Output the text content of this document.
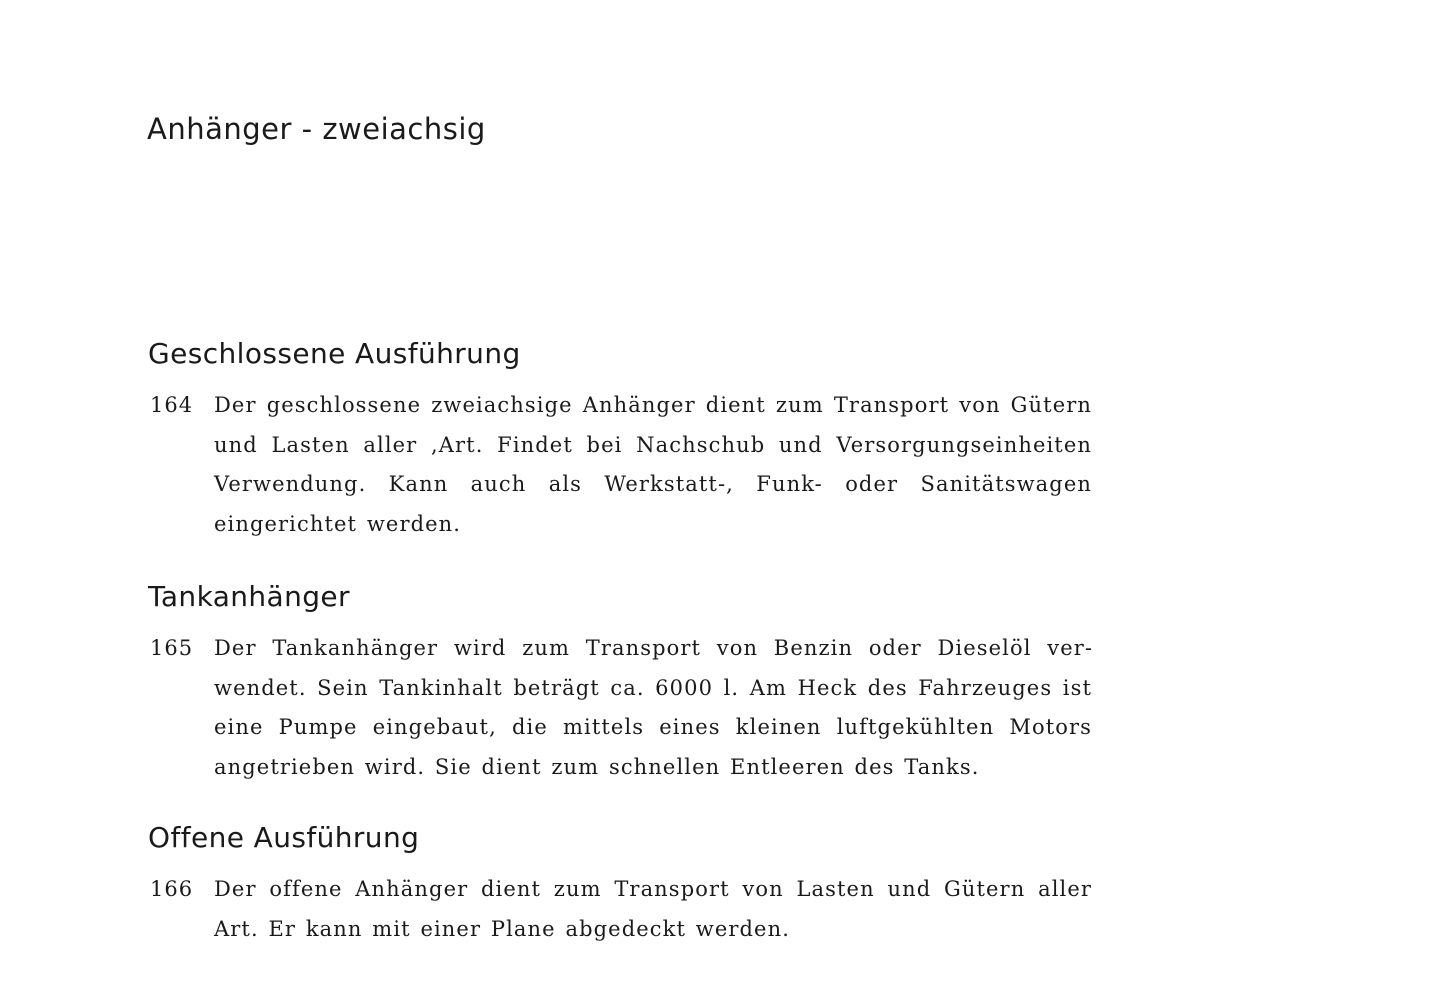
Anhänger - zweiachsig
Geschlossene Ausführung
164 Der geschlossene zweiachsige Anhänger dient zum Transport von Gütern und Lasten aller ,Art. Findet bei Nachschub und Versorgungseinheiten Verwendung. Kann auch als Werkstatt-, Funk- oder Sanitätswagen eingerichtet werden.

Tankanhänger
165 Der Tankanhänger wird zum Transport von Benzin oder Dieselöl verwendet. Sein Tankinhalt beträgt ca. 6000 l. Am Heck des Fahrzeuges ist eine Pumpe eingebaut, die mittels eines kleinen luftgekühlten Motors angetrieben wird. Sie dient zum schnellen Entleeren des Tanks.

Offene Ausführung
166 Der offene Anhänger dient zum Transport von Lasten und Gütern aller Art. Er kann mit einer Plane abgedeckt werden.
